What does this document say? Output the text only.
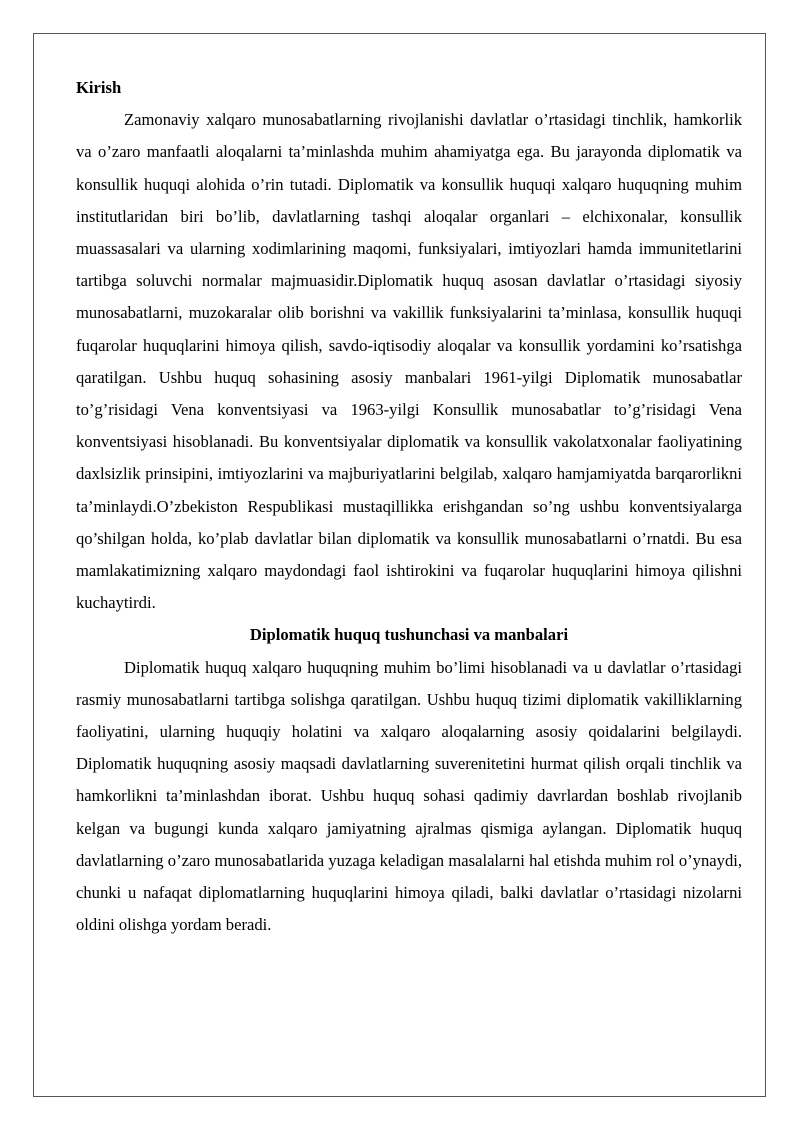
Kirish

Zamonaviy xalqaro munosabatlarning rivojlanishi davlatlar o’rtasidagi tinchlik, hamkorlik va o’zaro manfaatli aloqalarni ta’minlashda muhim ahamiyatga ega. Bu jarayonda diplomatik va konsullik huquqi alohida o’rin tutadi. Diplomatik va konsullik huquqi xalqaro huquqning muhim institutlaridan biri bo’lib, davlatlarning tashqi aloqalar organlari – elchixonalar, konsullik muassasalari va ularning xodimlarining maqomi, funksiyalari, imtiyozlari hamda immunitetlarini tartibga soluvchi normalar majmuasidir.Diplomatik huquq asosan davlatlar o’rtasidagi siyosiy munosabatlarni, muzokaralar olib borishni va vakillik funksiyalarini ta’minlasa, konsullik huquqi fuqarolar huquqlarini himoya qilish, savdo-iqtisodiy aloqalar va konsullik yordamini ko’rsatishga qaratilgan. Ushbu huquq sohasining asosiy manbalari 1961-yilgi Diplomatik munosabatlar to’g’risidagi Vena konventsiyasi va 1963-yilgi Konsullik munosabatlar to’g’risidagi Vena konventsiyasi hisoblanadi. Bu konventsiyalar diplomatik va konsullik vakolatxonalar faoliyatining daxlsizlik prinsipini, imtiyozlarini va majburiyatlarini belgilab, xalqaro hamjamiyatda barqarorlikni ta’minlaydi.O’zbekiston Respublikasi mustaqillikka erishgandan so’ng ushbu konventsiyalarga qo’shilgan holda, ko’plab davlatlar bilan diplomatik va konsullik munosabatlarni o’rnatdi. Bu esa mamlakatimizning xalqaro maydondagi faol ishtirokini va fuqarolar huquqlarini himoya qilishni kuchaytirdi.

Diplomatik huquq tushunchasi va manbalari

Diplomatik huquq xalqaro huquqning muhim bo’limi hisoblanadi va u davlatlar o’rtasidagi rasmiy munosabatlarni tartibga solishga qaratilgan. Ushbu huquq tizimi diplomatik vakilliklarning faoliyatini, ularning huquqiy holatini va xalqaro aloqalarning asosiy qoidalarini belgilaydi. Diplomatik huquqning asosiy maqsadi davlatlarning suverenitetini hurmat qilish orqali tinchlik va hamkorlikni ta’minlashdan iborat. Ushbu huquq sohasi qadimiy davrlardan boshlab rivojlanib kelgan va bugungi kunda xalqaro jamiyatning ajralmas qismiga aylangan. Diplomatik huquq davlatlarning o’zaro munosabatlarida yuzaga keladigan masalalarni hal etishda muhim rol o’ynaydi, chunki u nafaqat diplomatlarning huquqlarini himoya qiladi, balki davlatlar o’rtasidagi nizolarni oldini olishga yordam beradi.
